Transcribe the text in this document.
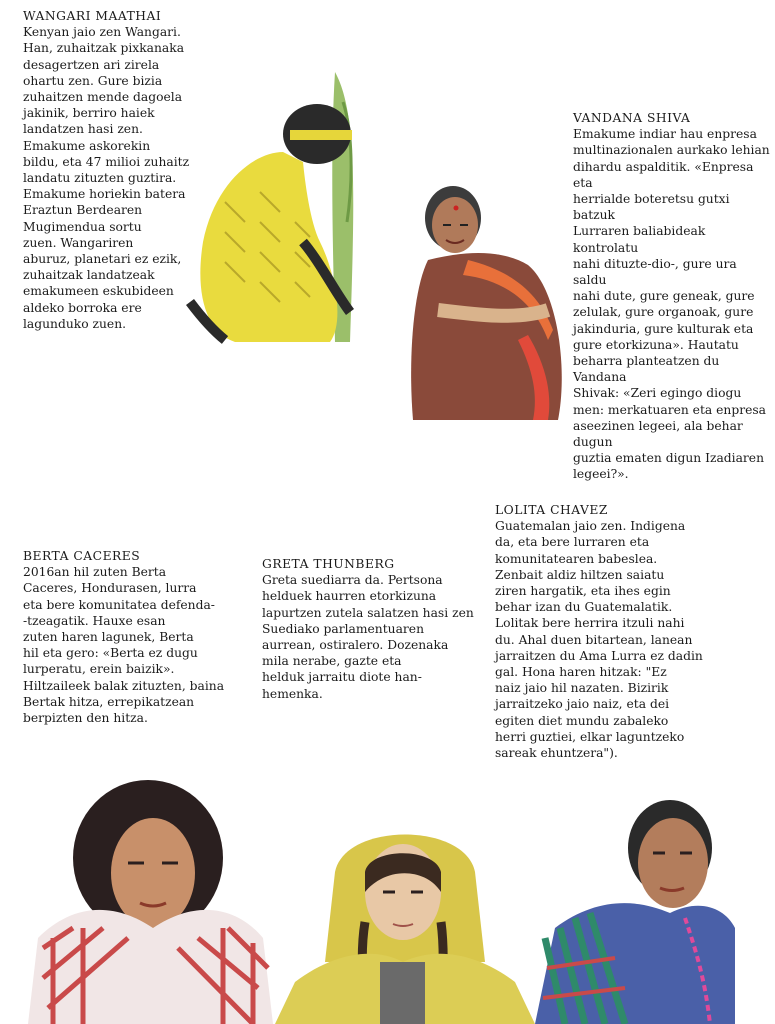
WANGARI MAATHAI

Kenyan jaio zen Wangari.
Han, zuhaitzak pixkanaka
desagertzen ari zirela
ohartu zen. Gure bizia
zuhaitzen mende dagoela
jakinik, berriro haiek
landatzen hasi zen.
Emakume askorekin
bildu, eta 47 milioi zuhaitz
landatu zituzten guztira.
Emakume horiekin batera
Eraztun Berdearen
Mugimendua sortu
zuen. Wangariren
aburuz, planetari ez ezik,
zuhaitzak landatzeak
emakumeen eskubideen
aldeko borroka ere
lagunduko zuen.

VANDANA SHIVA

Emakume indiar hau enpresa
multinazionalen aurkako lehian
dihardu aspalditik. «Enpresa eta
herrialde boteretsu gutxi batzuk
Lurraren baliabideak kontrolatu
nahi dituzte-dio-, gure ura saldu
nahi dute, gure geneak, gure
zelulak, gure organoak, gure
jakinduria, gure kulturak eta
gure etorkizuna». Hautatu
beharra planteatzen du Vandana
Shivak: «Zeri egingo diogu
men: merkatuaren eta enpresa
aseezinen legeei, ala behar dugun
guztia ematen digun Izadiaren
legeei?».

BERTA CACERES

2016an hil zuten Berta
Caceres, Hondurasen, lurra
eta bere komunitatea defenda-
-tzeagatik. Hauxe esan
zuten haren lagunek, Berta
hil eta gero: «Berta ez dugu
lurperatu, erein baizik».
Hiltzaileek balak zituzten, baina
Bertak hitza, errepikatzean
berpizten den hitza.

GRETA THUNBERG

Greta suediarra da. Pertsona
helduek haurren etorkizuna
lapurtzen zutela salatzen hasi zen
Suediako parlamentuaren
aurrean, ostiralero. Dozenaka
mila nerabe, gazte eta
helduk jarraitu diote han-
hemenka.

LOLITA CHAVEZ

Guatemalan jaio zen. Indigena
da, eta bere lurraren eta
komunitatearen babeslea.
Zenbait aldiz hiltzen saiatu
ziren hargatik, eta ihes egin
behar izan du Guatemalatik.
Lolitak bere herrira itzuli nahi
du. Ahal duen bitartean, lanean
jarraitzen du Ama Lurra ez dadin
gal. Hona haren hitzak: "Ez
naiz jaio hil nazaten. Bizirik
jarraitzeko jaio naiz, eta dei
egiten diet mundu zabaleko
herri guztiei, elkar laguntzeko
sareak ehuntzera").
